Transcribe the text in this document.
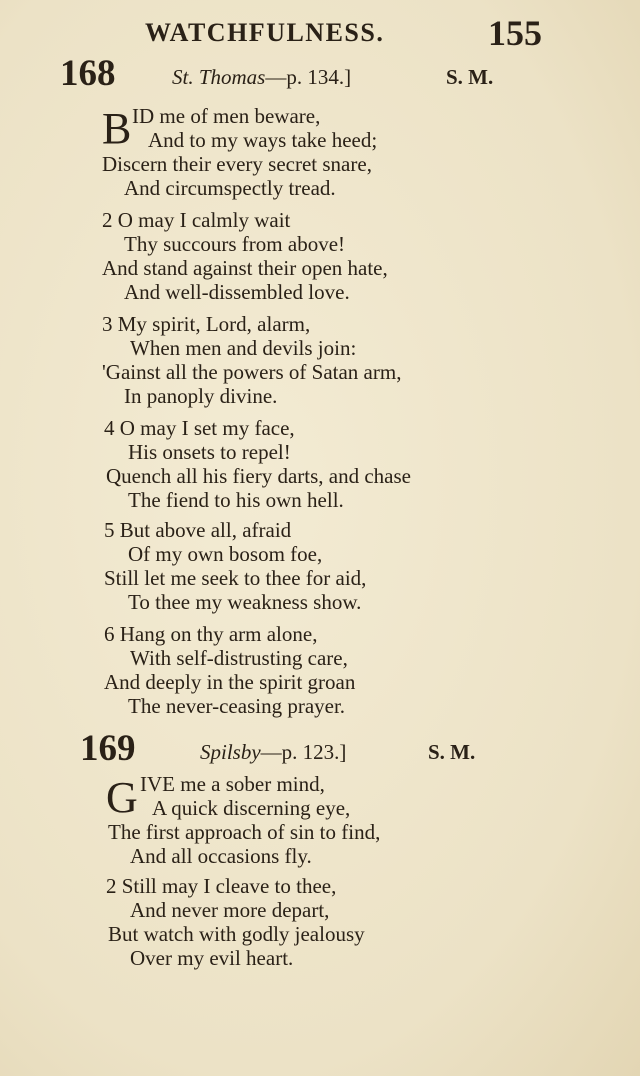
WATCHFULNESS.	155
168	St. Thomas—p. 134.]	S. M.
B ID me of men beware,
And to my ways take heed;
Discern their every secret snare,
And circumspectly tread.
2 O may I calmly wait
Thy succours from above!
And stand against their open hate,
And well-dissembled love.
3 My spirit, Lord, alarm,
When men and devils join:
'Gainst all the powers of Satan arm,
In panoply divine.
4 O may I set my face,
His onsets to repel!
Quench all his fiery darts, and chase
The fiend to his own hell.
5 But above all, afraid
Of my own bosom foe,
Still let me seek to thee for aid,
To thee my weakness show.
6 Hang on thy arm alone,
With self-distrusting care,
And deeply in the spirit groan
The never-ceasing prayer.
169	Spilsby—p. 123.]	S. M.
G IVE me a sober mind,
A quick discerning eye,
The first approach of sin to find,
And all occasions fly.
2 Still may I cleave to thee,
And never more depart,
But watch with godly jealousy
Over my evil heart.
